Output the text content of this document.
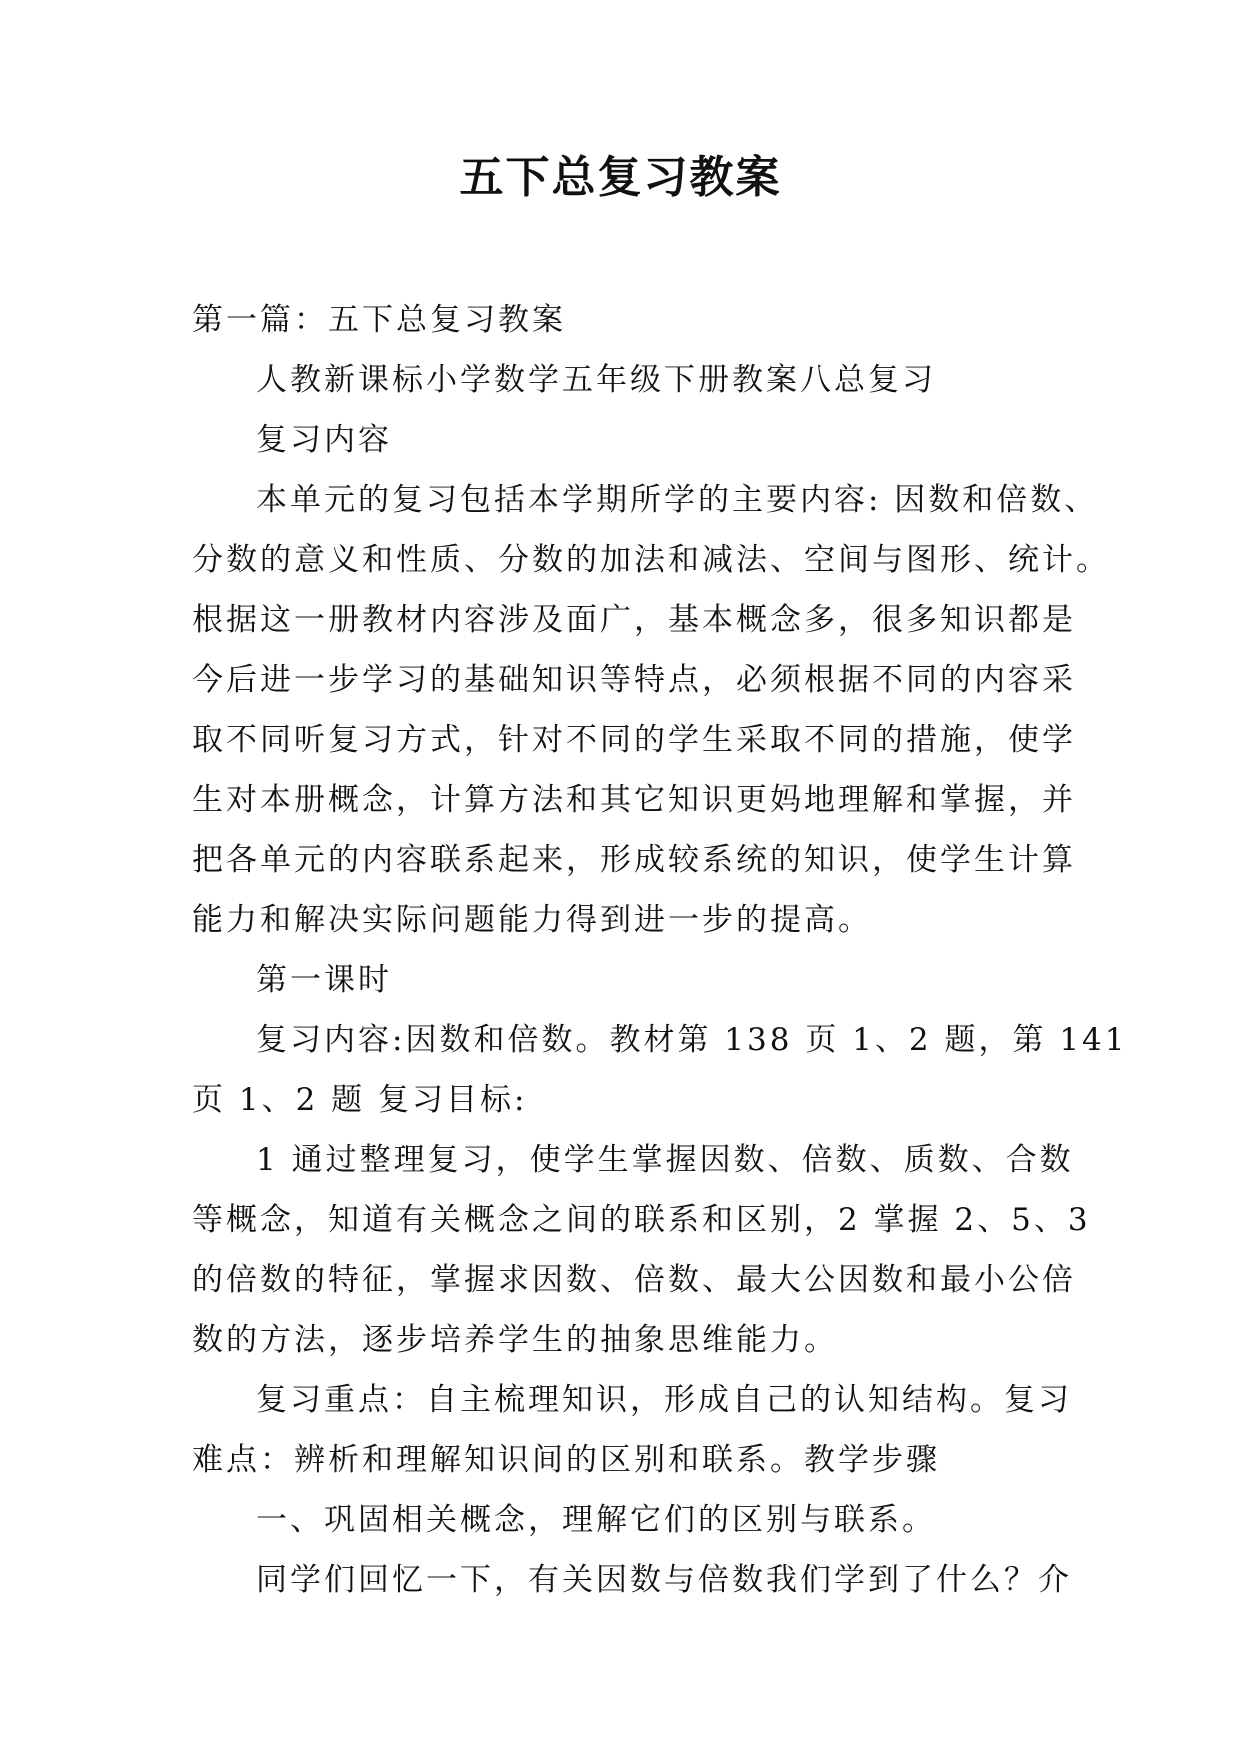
五下总复习教案

第一篇：五下总复习教案

人教新课标小学数学五年级下册教案八总复习

复习内容

本单元的复习包括本学期所学的主要内容: 因数和倍数、

分数的意义和性质、分数的加法和减法、空间与图形、统计。

根据这一册教材内容涉及面广，基本概念多，很多知识都是

今后进一步学习的基础知识等特点，必须根据不同的内容采

取不同听复习方式，针对不同的学生采取不同的措施，使学

生对本册概念，计算方法和其它知识更妈地理解和掌握，并

把各单元的内容联系起来，形成较系统的知识，使学生计算

能力和解决实际问题能力得到进一步的提高。

第一课时

复习内容:因数和倍数。教材第 138 页 1、2 题，第 141

页 1、2 题 复习目标:

1 通过整理复习，使学生掌握因数、倍数、质数、合数

等概念，知道有关概念之间的联系和区别，2 掌握 2、5、3

的倍数的特征，掌握求因数、倍数、最大公因数和最小公倍

数的方法，逐步培养学生的抽象思维能力。

复习重点：自主梳理知识，形成自己的认知结构。复习

难点：辨析和理解知识间的区别和联系。教学步骤

一、巩固相关概念，理解它们的区别与联系。

同学们回忆一下，有关因数与倍数我们学到了什么？介
